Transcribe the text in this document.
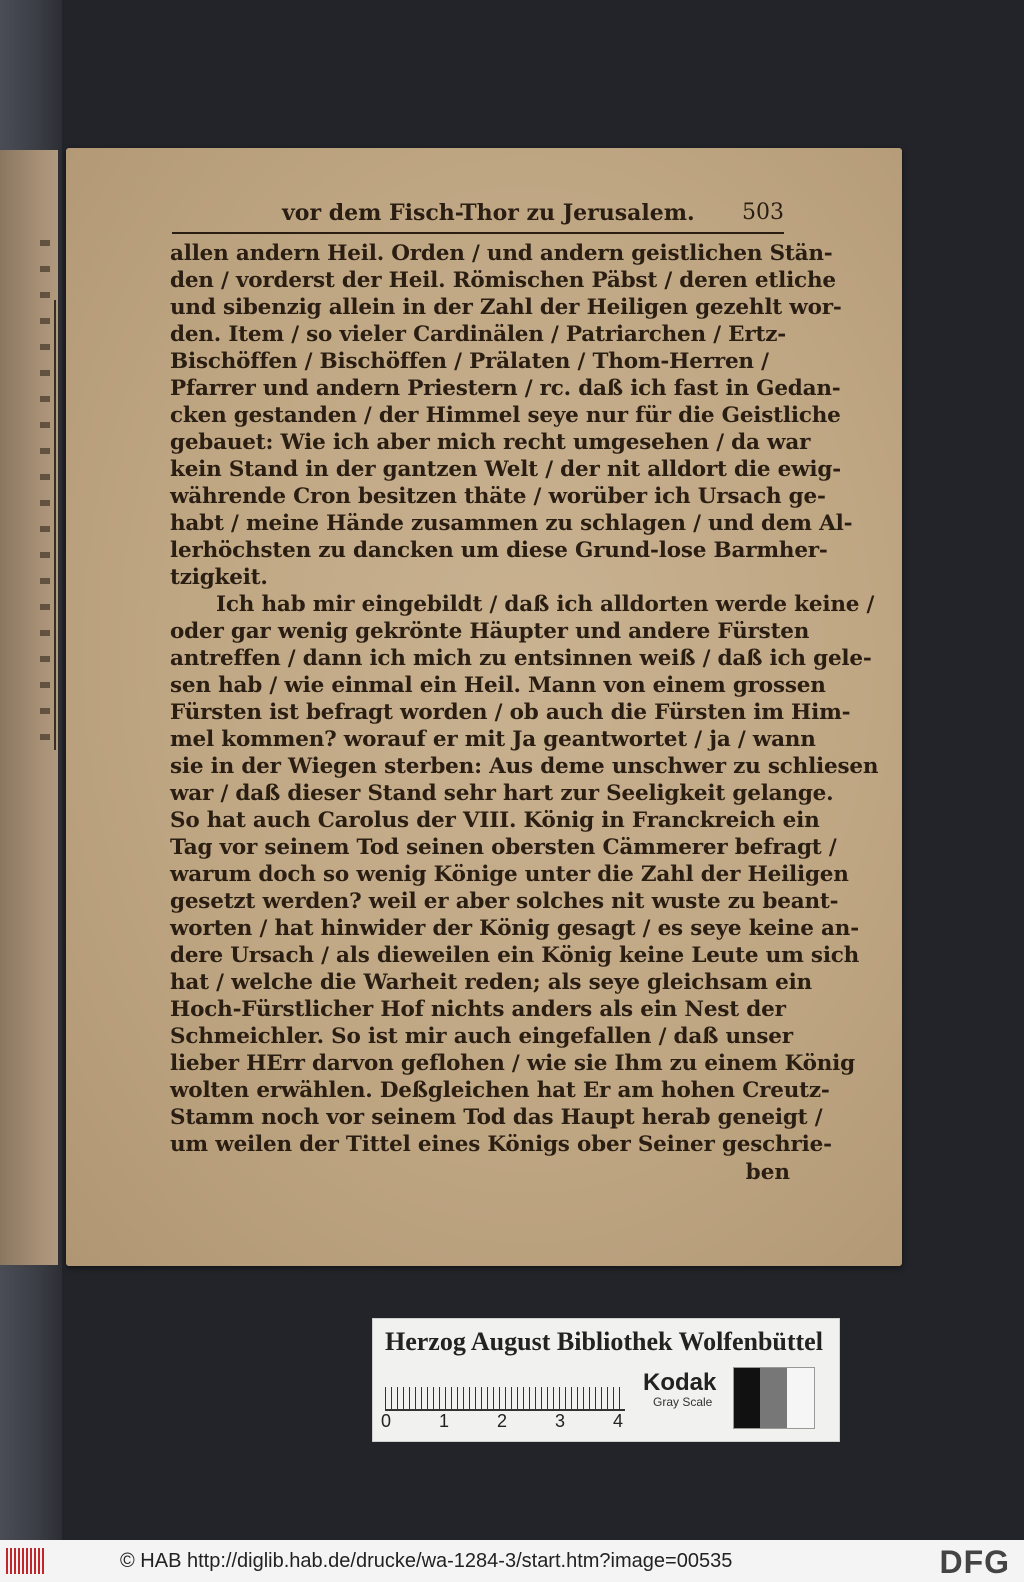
vor dem Fisch-Thor zu Jerusalem. 503

allen andern Heil. Orden / und andern geistlichen Stän-
den / vorderst der Heil. Römischen Päbst / deren etliche
und sibenzig allein in der Zahl der Heiligen gezehlt wor-
den. Item / so vieler Cardinälen / Patriarchen / Ertz-
Bischöffen / Bischöffen / Prälaten / Thom-Herren /
Pfarrer und andern Priestern / rc. daß ich fast in Gedan-
cken gestanden / der Himmel seye nur für die Geistliche
gebauet: Wie ich aber mich recht umgesehen / da war
kein Stand in der gantzen Welt / der nit alldort die ewig-
währende Cron besitzen thäte / worüber ich Ursach ge-
habt / meine Hände zusammen zu schlagen / und dem Al-
lerhöchsten zu dancken um diese Grund-lose Barmher-
tzigkeit.

Ich hab mir eingebildt / daß ich alldorten werde keine /
oder gar wenig gekrönte Häupter und andere Fürsten
antreffen / dann ich mich zu entsinnen weiß / daß ich gele-
sen hab / wie einmal ein Heil. Mann von einem grossen
Fürsten ist befragt worden / ob auch die Fürsten im Him-
mel kommen? worauf er mit Ja geantwortet / ja / wann
sie in der Wiegen sterben: Aus deme unschwer zu schliesen
war / daß dieser Stand sehr hart zur Seeligkeit gelange.
So hat auch Carolus der VIII. König in Franckreich ein
Tag vor seinem Tod seinen obersten Cämmerer befragt /
warum doch so wenig Könige unter die Zahl der Heiligen
gesetzt werden? weil er aber solches nit wuste zu beant-
worten / hat hinwider der König gesagt / es seye keine an-
dere Ursach / als dieweilen ein König keine Leute um sich
hat / welche die Warheit reden; als seye gleichsam ein
Hoch-Fürstlicher Hof nichts anders als ein Nest der
Schmeichler. So ist mir auch eingefallen / daß unser
lieber HErr darvon geflohen / wie sie Ihm zu einem König
wolten erwählen. Deßgleichen hat Er am hohen Creutz-
Stamm noch vor seinem Tod das Haupt herab geneigt /
um weilen der Tittel eines Königs ober Seiner geschrie-

ben
Herzog August Bibliothek Wolfenbüttel
0	1	2	3	4
Kodak
Gray Scale
© HAB http://diglib.hab.de/drucke/wa-1284-3/start.htm?image=00535	DFG
